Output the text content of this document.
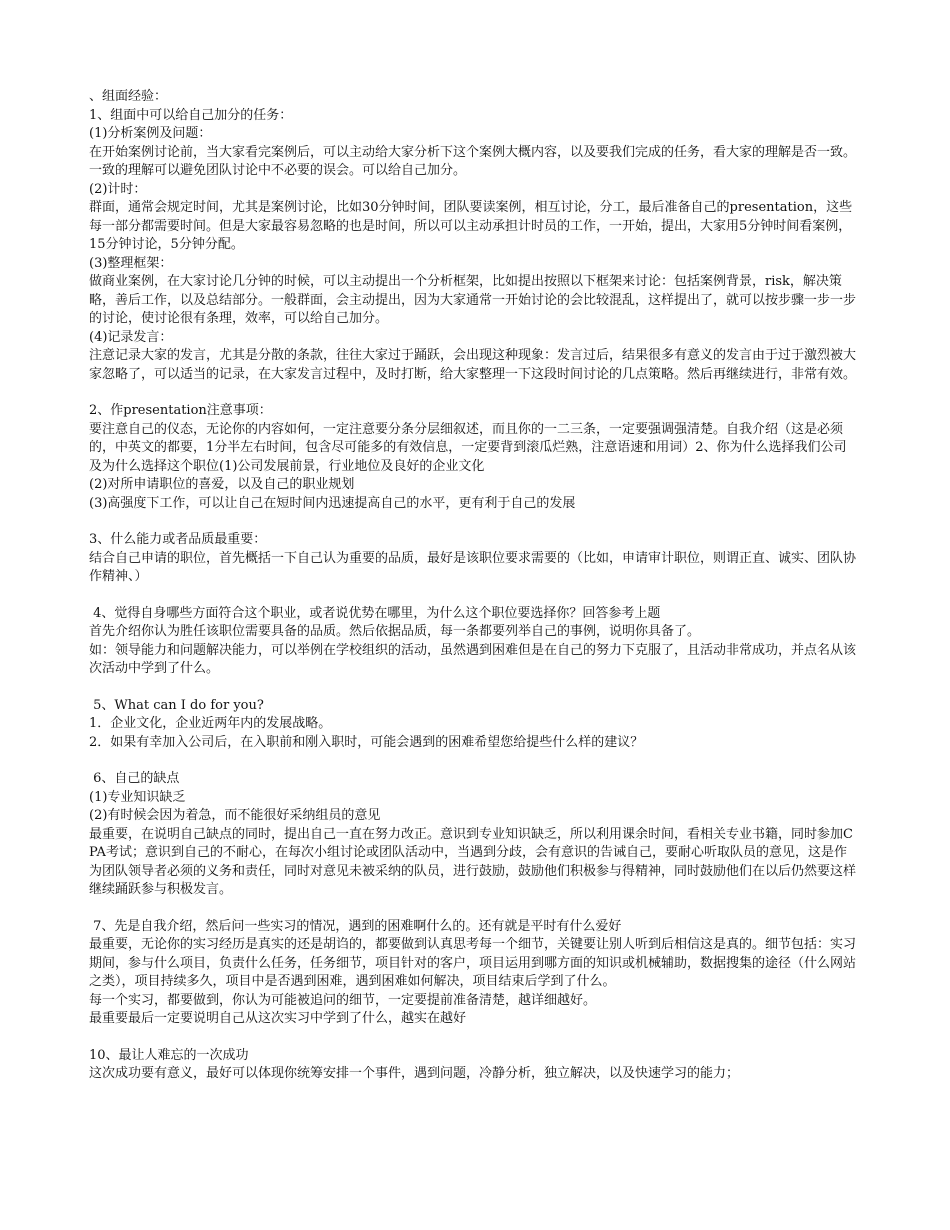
、组面经验：
1、组面中可以给自己加分的任务：
(1)分析案例及问题：
在开始案例讨论前，当大家看完案例后，可以主动给大家分析下这个案例大概内容，以及要我们完成的任务，看大家的理解是否一致。一致的理解可以避免团队讨论中不必要的误会。可以给自己加分。
(2)计时：
群面，通常会规定时间，尤其是案例讨论，比如30分钟时间，团队要读案例，相互讨论，分工，最后准备自己的presentation，这些每一部分都需要时间。但是大家最容易忽略的也是时间，所以可以主动承担计时员的工作，一开始，提出，大家用5分钟时间看案例，15分钟讨论，5分钟分配。
(3)整理框架：
做商业案例，在大家讨论几分钟的时候，可以主动提出一个分析框架，比如提出按照以下框架来讨论：包括案例背景，risk，解决策略，善后工作，以及总结部分。一般群面，会主动提出，因为大家通常一开始讨论的会比较混乱，这样提出了，就可以按步骤一步一步的讨论，使讨论很有条理，效率，可以给自己加分。
(4)记录发言：
注意记录大家的发言，尤其是分散的条款，往往大家过于踊跃，会出现这种现象：发言过后，结果很多有意义的发言由于过于激烈被大家忽略了，可以适当的记录，在大家发言过程中，及时打断，给大家整理一下这段时间讨论的几点策略。然后再继续进行，非常有效。
2、作presentation注意事项：
要注意自己的仪态，无论你的内容如何，一定注意要分条分层细叙述，而且你的一二三条，一定要强调强清楚。自我介绍（这是必须的，中英文的都要，1分半左右时间，包含尽可能多的有效信息，一定要背到滚瓜烂熟，注意语速和用词）2、你为什么选择我们公司及为什么选择这个职位(1)公司发展前景，行业地位及良好的企业文化
(2)对所申请职位的喜爱，以及自己的职业规划
(3)高强度下工作，可以让自己在短时间内迅速提高自己的水平，更有利于自己的发展
3、什么能力或者品质最重要：
结合自己申请的职位，首先概括一下自己认为重要的品质，最好是该职位要求需要的（比如，申请审计职位，则谓正直、诚实、团队协作精神、）
4、觉得自身哪些方面符合这个职业，或者说优势在哪里，为什么这个职位要选择你？回答参考上题
首先介绍你认为胜任该职位需要具备的品质。然后依据品质，每一条都要列举自己的事例，说明你具备了。
如：领导能力和问题解决能力，可以举例在学校组织的活动，虽然遇到困难但是在自己的努力下克服了，且活动非常成功，并点名从该次活动中学到了什么。
5、What can I do for you?
1．企业文化，企业近两年内的发展战略。
2．如果有幸加入公司后，在入职前和刚入职时，可能会遇到的困难希望您给提些什么样的建议？
6、自己的缺点
(1)专业知识缺乏
(2)有时候会因为着急，而不能很好采纳组员的意见
最重要，在说明自己缺点的同时，提出自己一直在努力改正。意识到专业知识缺乏，所以利用课余时间，看相关专业书籍，同时参加CPA考试；意识到自己的不耐心，在每次小组讨论或团队活动中，当遇到分歧，会有意识的告诫自己，要耐心听取队员的意见，这是作为团队领导者必须的义务和责任，同时对意见未被采纳的队员，进行鼓励，鼓励他们积极参与得精神，同时鼓励他们在以后仍然要这样继续踊跃参与积极发言。
7、先是自我介绍，然后问一些实习的情况，遇到的困难啊什么的。还有就是平时有什么爱好
最重要，无论你的实习经历是真实的还是胡诌的，都要做到认真思考每一个细节，关键要让别人听到后相信这是真的。细节包括：实习期间，参与什么项目，负责什么任务，任务细节，项目针对的客户，项目运用到哪方面的知识或机械辅助，数据搜集的途径（什么网站之类），项目持续多久，项目中是否遇到困难，遇到困难如何解决，项目结束后学到了什么。
每一个实习，都要做到，你认为可能被追问的细节，一定要提前准备清楚，越详细越好。
最重要最后一定要说明自己从这次实习中学到了什么，越实在越好
10、最让人难忘的一次成功
这次成功要有意义，最好可以体现你统筹安排一个事件，遇到问题，冷静分析，独立解决，以及快速学习的能力；
